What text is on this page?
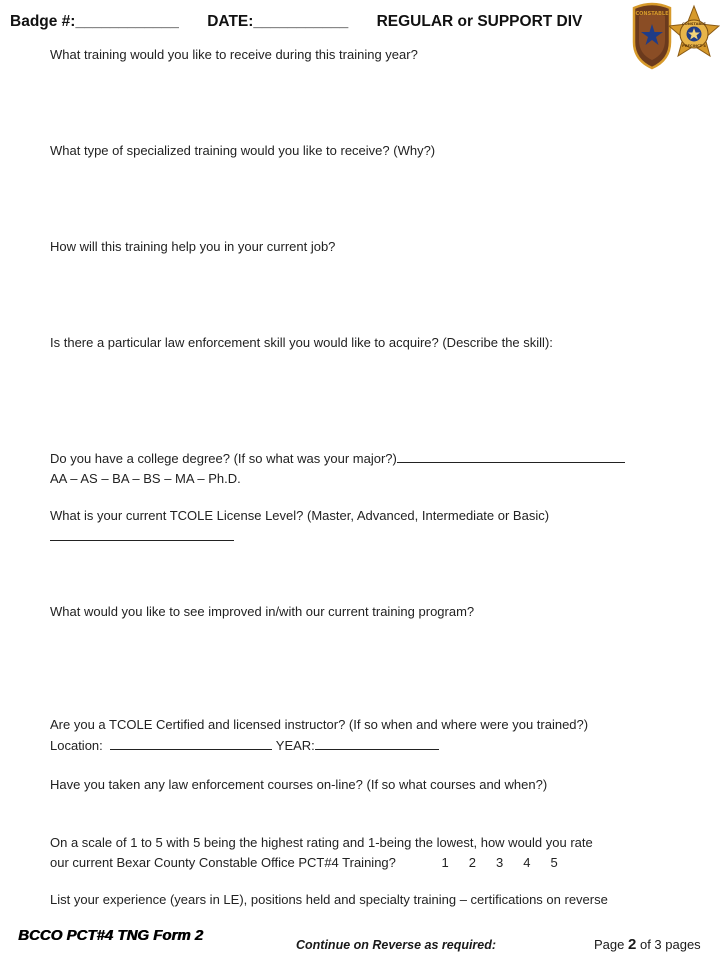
Badge #:____________ DATE:___________ REGULAR or SUPPORT DIV	CONSTABLE
CONSTABLE
PRECINCT 4
What training would you like to receive during this training year?
What type of specialized training would you like to receive? (Why?)
How will this training help you in your current job?
Is there a particular law enforcement skill you would like to acquire? (Describe the skill):
Do you have a college degree? (If so what was your major?)
AA – AS – BA – BS – MA – Ph.D.
What is your current TCOLE License Level? (Master, Advanced, Intermediate or Basic)
What would you like to see improved in/with our current training program?
Are you a TCOLE Certified and licensed instructor? (If so when and where were you trained?)
Location:	YEAR:
Have you taken any law enforcement courses on-line? (If so what courses and when?)
On a scale of 1 to 5 with 5 being the highest rating and 1-being the lowest, how would you rate
our current Bexar County Constable Office PCT#4 Training?	1 2 3 4 5
List your experience (years in LE), positions held and specialty training – certifications on reverse
BCCO PCT#4 TNG Form 2
Continue on Reverse as required:	Page 2 of 3 pages
